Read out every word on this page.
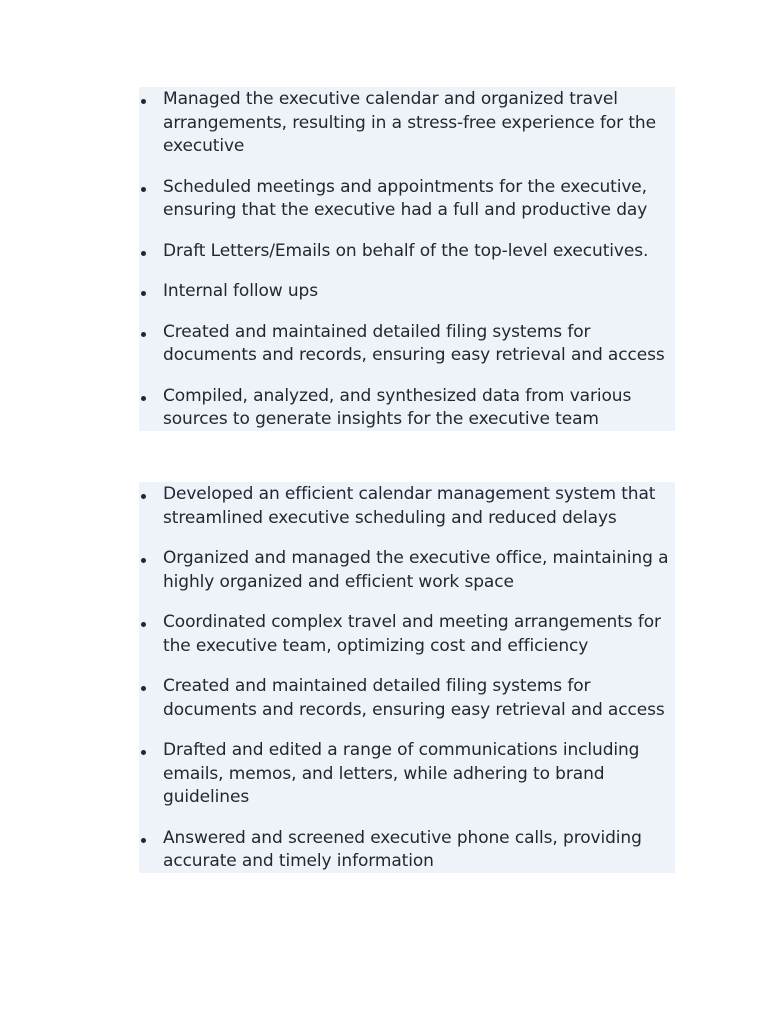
Managed the executive calendar and organized travel arrangements, resulting in a stress-free experience for the executive
Scheduled meetings and appointments for the executive, ensuring that the executive had a full and productive day
Draft Letters/Emails on behalf of the top-level executives.
Internal follow ups
Created and maintained detailed filing systems for documents and records, ensuring easy retrieval and access
Compiled, analyzed, and synthesized data from various sources to generate insights for the executive team
Developed an efficient calendar management system that streamlined executive scheduling and reduced delays
Organized and managed the executive office, maintaining a highly organized and efficient work space
Coordinated complex travel and meeting arrangements for the executive team, optimizing cost and efficiency
Created and maintained detailed filing systems for documents and records, ensuring easy retrieval and access
Drafted and edited a range of communications including emails, memos, and letters, while adhering to brand guidelines
Answered and screened executive phone calls, providing accurate and timely information
